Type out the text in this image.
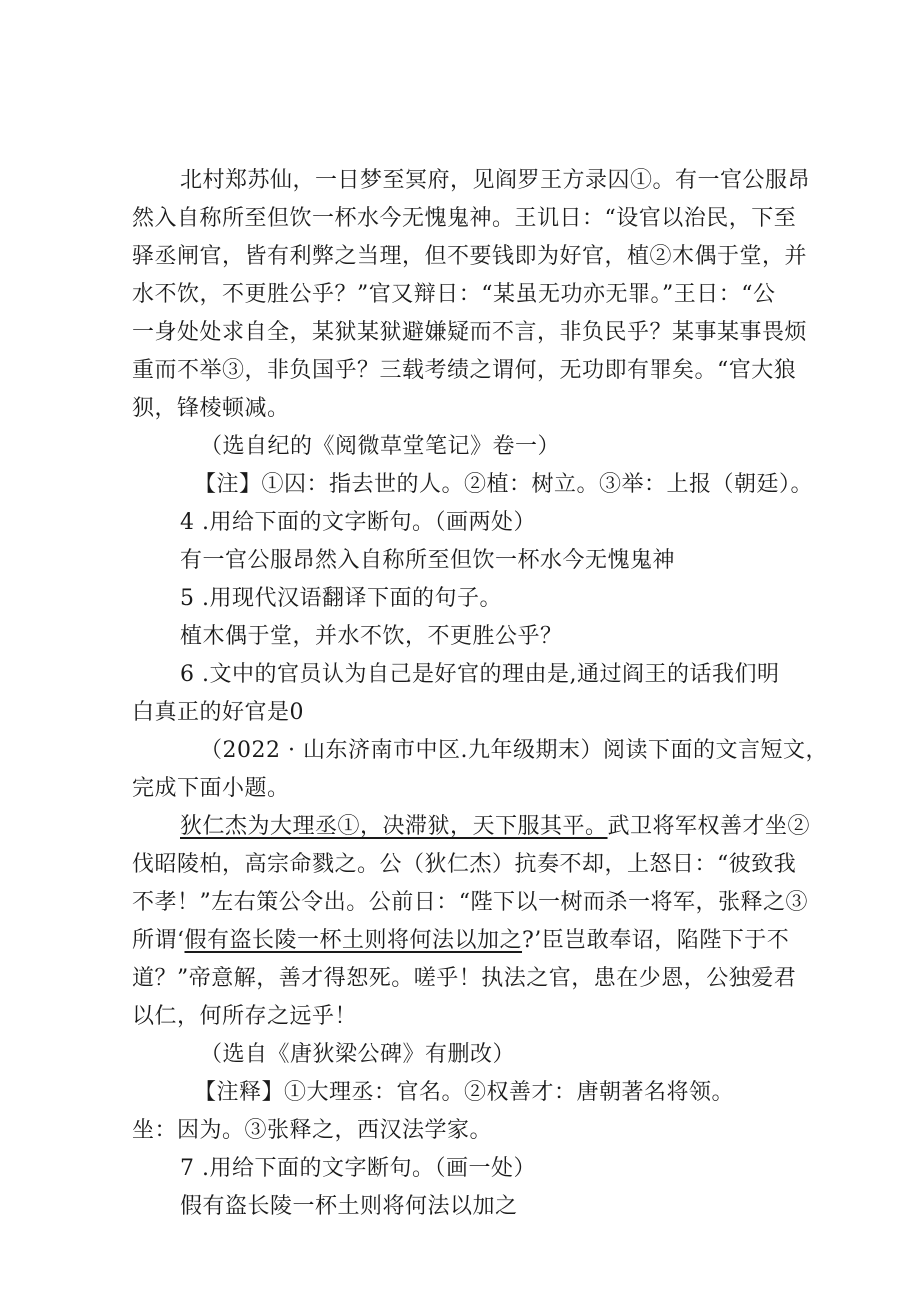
北村郑苏仙，一日梦至冥府，见阎罗王方录囚①。有一官公服昂
然入自称所至但饮一杯水今无愧鬼神。王讥日：“设官以治民，下至
驿丞闸官，皆有利弊之当理，但不要钱即为好官，植②木偶于堂，并
水不饮，不更胜公乎？”官又辩日：“某虽无功亦无罪。”王日：“公
一身处处求自全，某狱某狱避嫌疑而不言，非负民乎？某事某事畏烦
重而不举③，非负国乎？三载考绩之谓何，无功即有罪矣。“官大狼
狈，锋棱顿减。
（选自纪的《阅微草堂笔记》卷一）
【注】①囚：指去世的人。②植：树立。③举：上报（朝廷）。
4 .用给下面的文字断句。（画两处）
有一官公服昂然入自称所至但饮一杯水今无愧鬼神
5 .用现代汉语翻译下面的句子。
植木偶于堂，并水不饮，不更胜公乎？
6 .文中的官员认为自己是好官的理由是,通过阎王的话我们明
白真正的好官是0
（2022 · 山东济南市中区.九年级期末）阅读下面的文言短文，
完成下面小题。
狄仁杰为大理丞①，决滞狱，天下服其平。武卫将军权善才坐②
伐昭陵柏，高宗命戮之。公（狄仁杰）抗奏不却，上怒日：“彼致我
不孝！”左右策公令出。公前日：“陛下以一树而杀一将军，张释之③
所谓‘假有盗长陵一杯土则将何法以加之?’臣岂敢奉诏，陷陛下于不
道？”帝意解，善才得恕死。嗟乎！执法之官，患在少恩，公独爱君
以仁，何所存之远乎！
（选自《唐狄梁公碑》有删改）
【注释】①大理丞：官名。②权善才：唐朝著名将领。
坐：因为。③张释之，西汉法学家。
7 .用给下面的文字断句。（画一处）
假有盗长陵一杯土则将何法以加之
